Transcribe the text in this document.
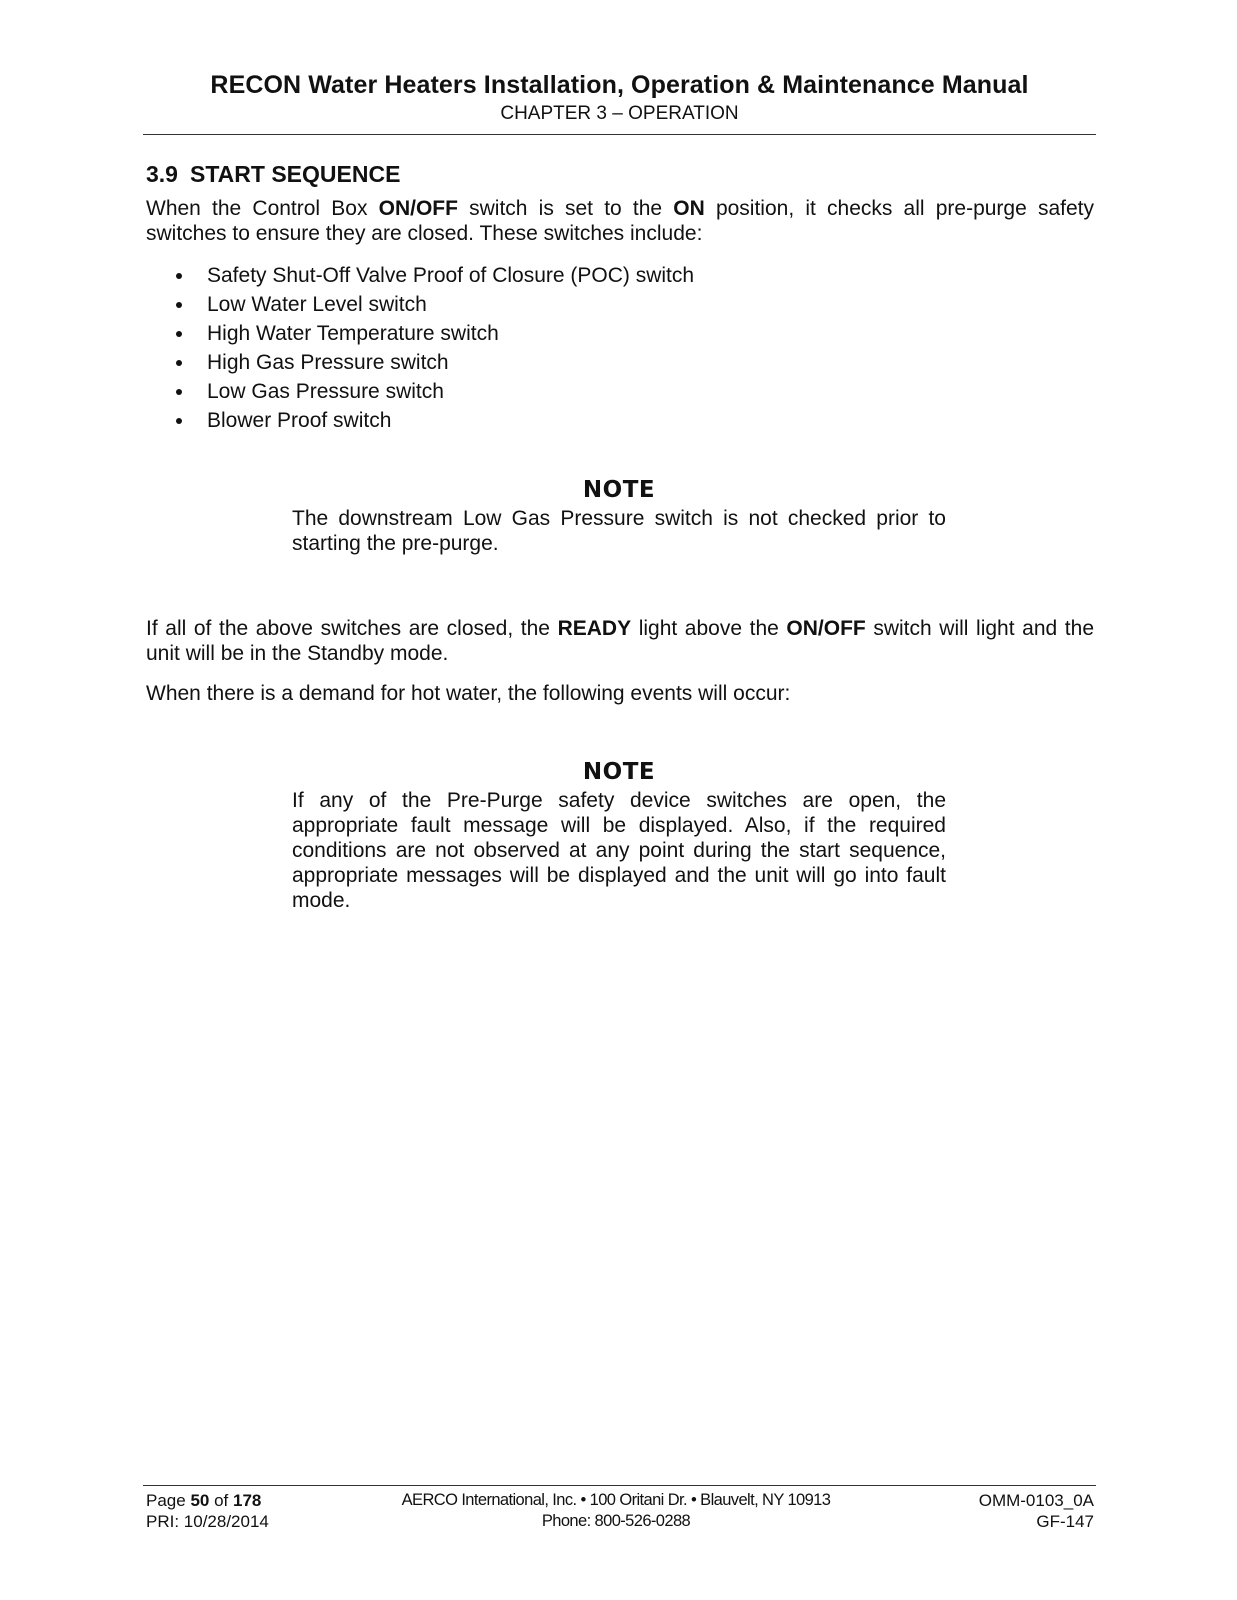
RECON Water Heaters Installation, Operation & Maintenance Manual
CHAPTER 3 – OPERATION
3.9 START SEQUENCE

When the Control Box ON/OFF switch is set to the ON position, it checks all pre-purge safety switches to ensure they are closed. These switches include:

Safety Shut-Off Valve Proof of Closure (POC) switch
Low Water Level switch
High Water Temperature switch
High Gas Pressure switch
Low Gas Pressure switch
Blower Proof switch
NOTE
The downstream Low Gas Pressure switch is not checked prior to starting the pre-purge.

If all of the above switches are closed, the READY light above the ON/OFF switch will light and the unit will be in the Standby mode.

When there is a demand for hot water, the following events will occur:

NOTE
If any of the Pre-Purge safety device switches are open, the appropriate fault message will be displayed. Also, if the required conditions are not observed at any point during the start sequence, appropriate messages will be displayed and the unit will go into fault mode.
Page 50 of 178
PRI: 10/28/2014
AERCO International, Inc. • 100 Oritani Dr. • Blauvelt, NY 10913
Phone: 800-526-0288
OMM-0103_0A
GF-147
